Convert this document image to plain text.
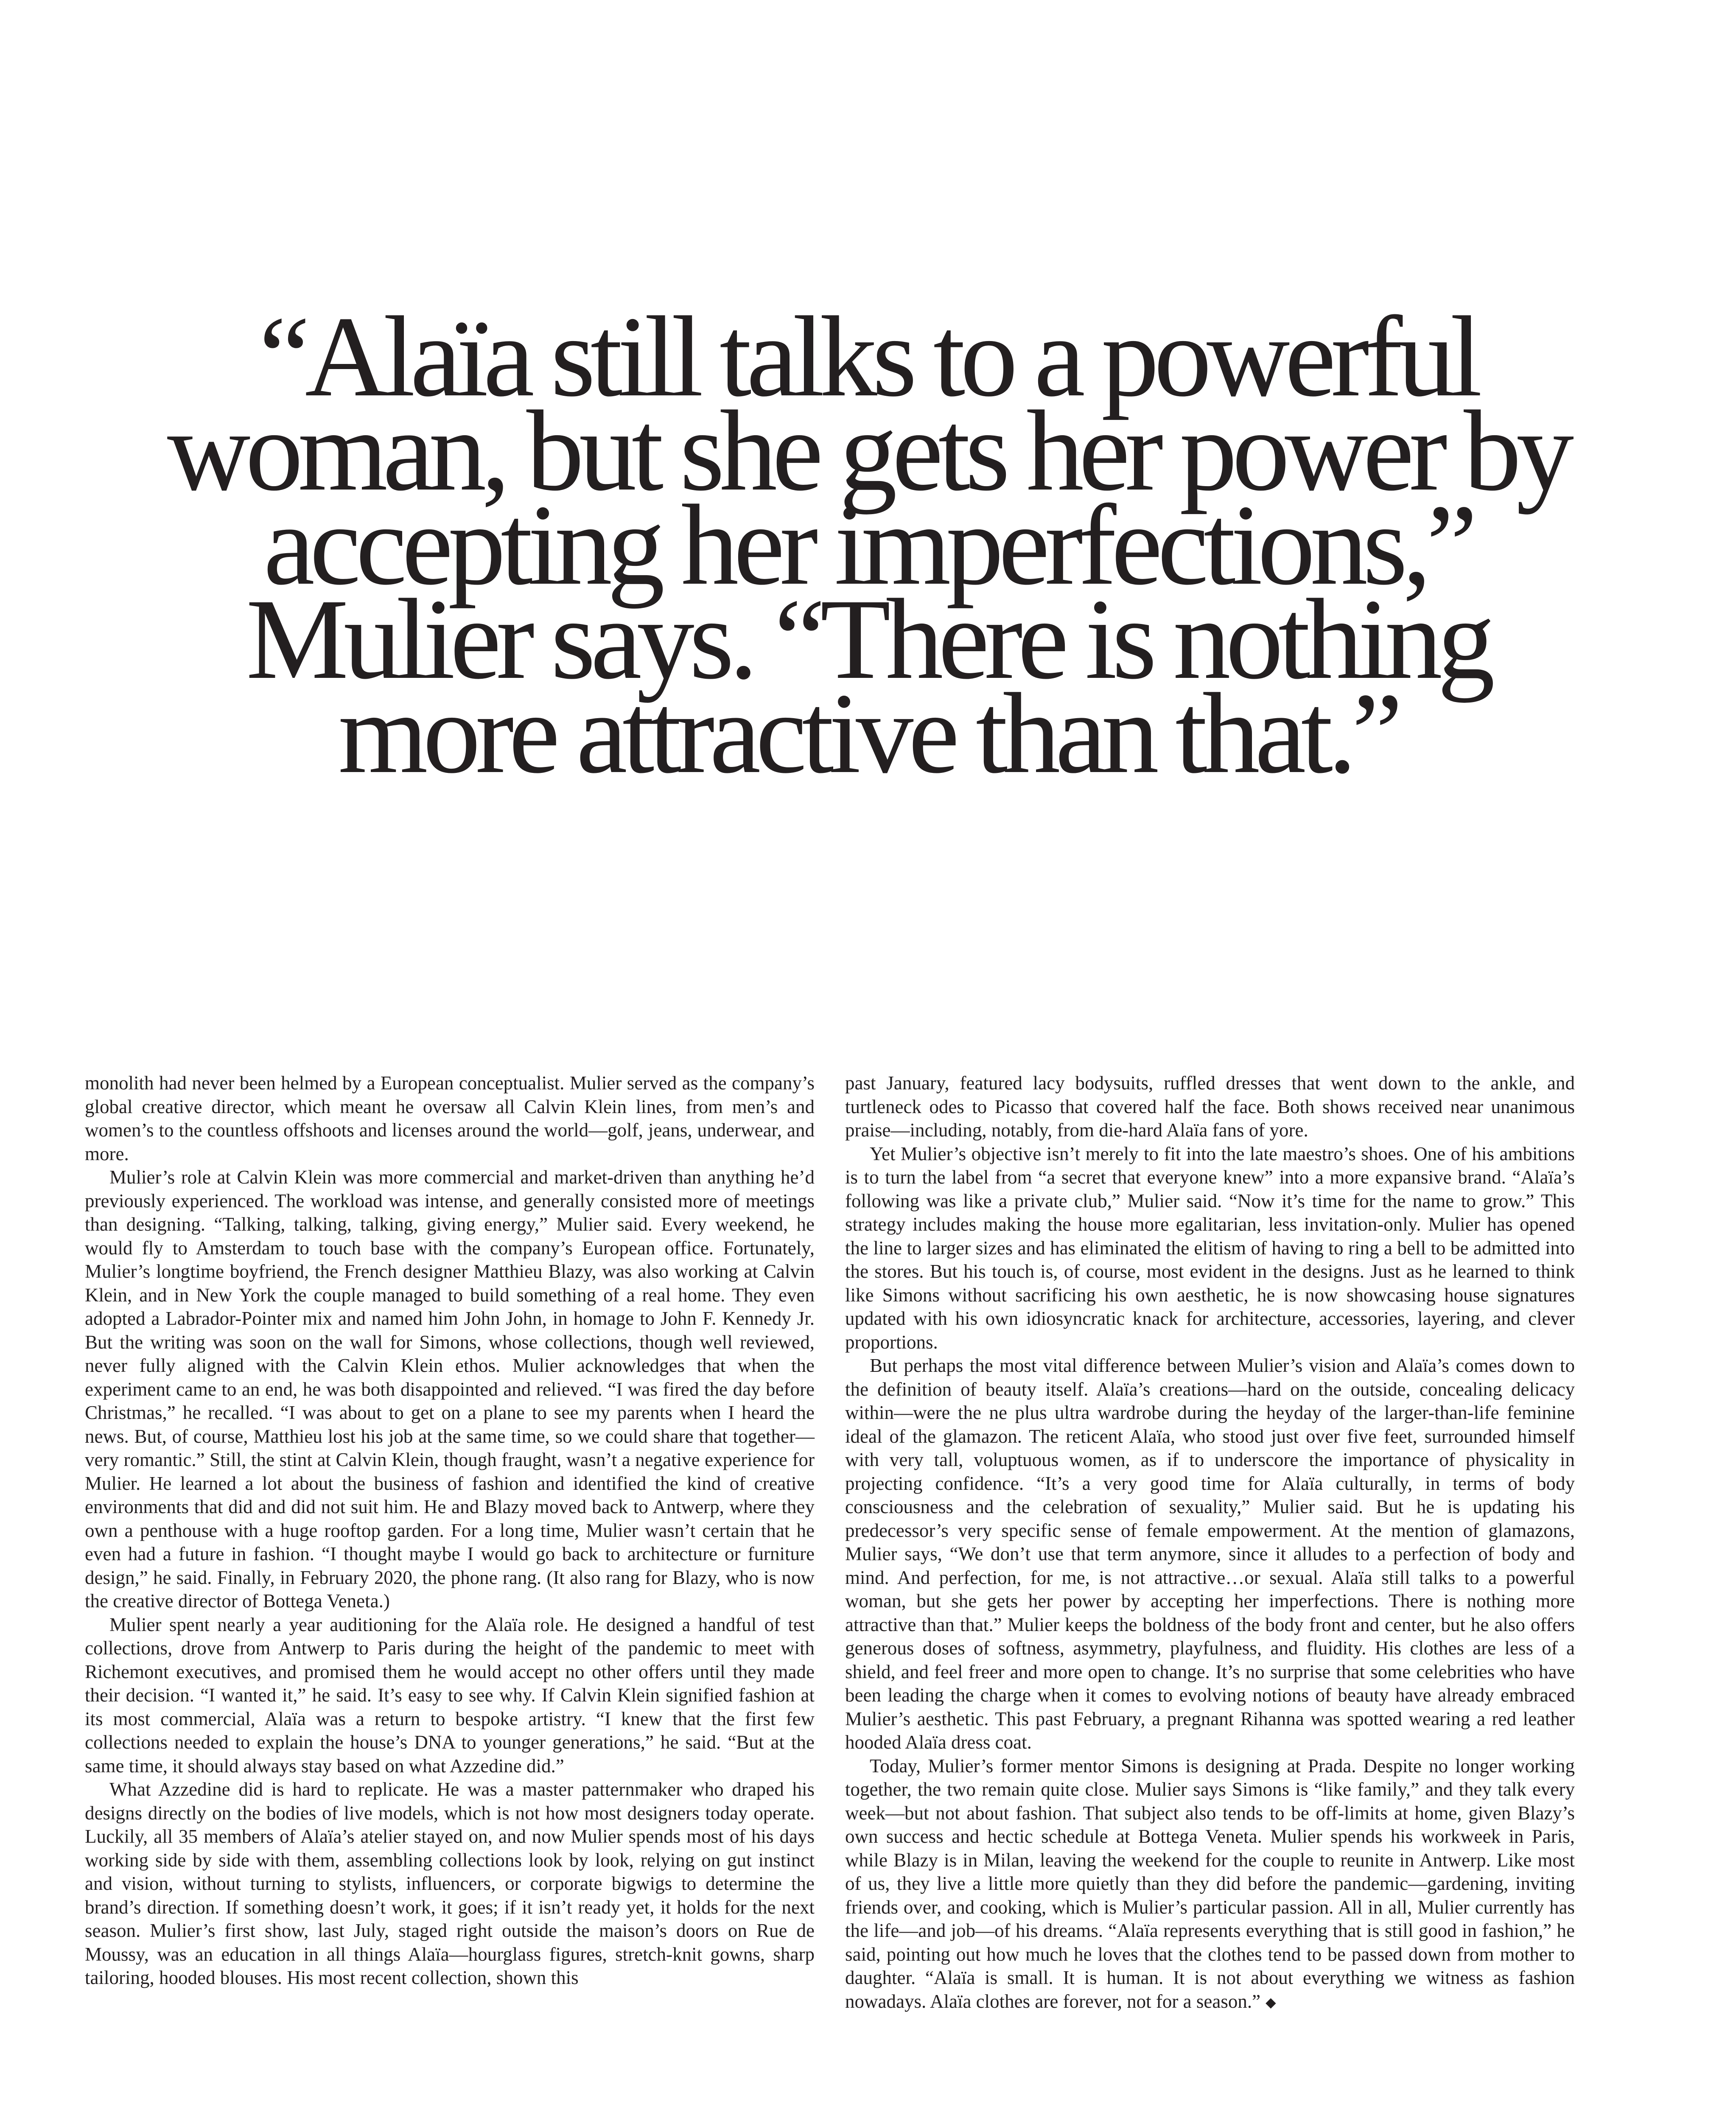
“Alaïa still talks to a powerful
woman, but she gets her power by
accepting her imperfections,”
Mulier says. “There is nothing
more attractive than that.”

monolith had never been helmed by a European conceptualist. Mulier served as the company’s global creative director, which meant he oversaw all Calvin Klein lines, from men’s and women’s to the countless offshoots and licenses around the world—golf, jeans, underwear, and more.

Mulier’s role at Calvin Klein was more commercial and market-driven than anything he’d previously experienced. The workload was intense, and generally consisted more of meetings than designing. “Talking, talking, talking, giving energy,” Mulier said. Every weekend, he would fly to Amsterdam to touch base with the company’s European office. Fortunately, Mulier’s longtime boyfriend, the French designer Matthieu Blazy, was also working at Calvin Klein, and in New York the couple managed to build something of a real home. They even adopted a Labrador-Pointer mix and named him John John, in homage to John F. Kennedy Jr. But the writing was soon on the wall for Simons, whose collections, though well reviewed, never fully aligned with the Calvin Klein ethos. Mulier acknowledges that when the experiment came to an end, he was both disappointed and relieved. “I was fired the day before Christmas,” he recalled. “I was about to get on a plane to see my parents when I heard the news. But, of course, Matthieu lost his job at the same time, so we could share that together—very romantic.” Still, the stint at Calvin Klein, though fraught, wasn’t a negative experience for Mulier. He learned a lot about the business of fashion and identified the kind of creative environments that did and did not suit him. He and Blazy moved back to Antwerp, where they own a penthouse with a huge rooftop garden. For a long time, Mulier wasn’t certain that he even had a future in fashion. “I thought maybe I would go back to architecture or furniture design,” he said. Finally, in February 2020, the phone rang. (It also rang for Blazy, who is now the creative director of Bottega Veneta.)

Mulier spent nearly a year auditioning for the Alaïa role. He designed a handful of test collections, drove from Antwerp to Paris during the height of the pandemic to meet with Richemont executives, and promised them he would accept no other offers until they made their decision. “I wanted it,” he said. It’s easy to see why. If Calvin Klein signified fashion at its most commercial, Alaïa was a return to bespoke artistry. “I knew that the first few collections needed to explain the house’s DNA to younger generations,” he said. “But at the same time, it should always stay based on what Azzedine did.”

What Azzedine did is hard to replicate. He was a master patternmaker who draped his designs directly on the bodies of live models, which is not how most designers today operate. Luckily, all 35 members of Alaïa’s atelier stayed on, and now Mulier spends most of his days working side by side with them, assembling collections look by look, relying on gut instinct and vision, without turning to stylists, influencers, or corporate bigwigs to determine the brand’s direction. If something doesn’t work, it goes; if it isn’t ready yet, it holds for the next season. Mulier’s first show, last July, staged right outside the maison’s doors on Rue de Moussy, was an education in all things Alaïa—hourglass figures, stretch-knit gowns, sharp tailoring, hooded blouses. His most recent collection, shown this

past January, featured lacy bodysuits, ruffled dresses that went down to the ankle, and turtleneck odes to Picasso that covered half the face. Both shows received near unanimous praise—including, notably, from die-hard Alaïa fans of yore.

Yet Mulier’s objective isn’t merely to fit into the late maestro’s shoes. One of his ambitions is to turn the label from “a secret that everyone knew” into a more expansive brand. “Alaïa’s following was like a private club,” Mulier said. “Now it’s time for the name to grow.” This strategy includes making the house more egalitarian, less invitation-only. Mulier has opened the line to larger sizes and has eliminated the elitism of having to ring a bell to be admitted into the stores. But his touch is, of course, most evident in the designs. Just as he learned to think like Simons without sacrificing his own aesthetic, he is now showcasing house signatures updated with his own idiosyncratic knack for architecture, accessories, layering, and clever proportions.

But perhaps the most vital difference between Mulier’s vision and Alaïa’s comes down to the definition of beauty itself. Alaïa’s creations—hard on the outside, concealing delicacy within—were the ne plus ultra wardrobe during the heyday of the larger-than-life feminine ideal of the glamazon. The reticent Alaïa, who stood just over five feet, surrounded himself with very tall, voluptuous women, as if to underscore the importance of physicality in projecting confidence. “It’s a very good time for Alaïa culturally, in terms of body consciousness and the celebration of sexuality,” Mulier said. But he is updating his predecessor’s very specific sense of female empowerment. At the mention of glamazons, Mulier says, “We don’t use that term anymore, since it alludes to a perfection of body and mind. And perfection, for me, is not attractive…or sexual. Alaïa still talks to a powerful woman, but she gets her power by accepting her imperfections. There is nothing more attractive than that.” Mulier keeps the boldness of the body front and center, but he also offers generous doses of softness, asymmetry, playfulness, and fluidity. His clothes are less of a shield, and feel freer and more open to change. It’s no surprise that some celebrities who have been leading the charge when it comes to evolving notions of beauty have already embraced Mulier’s aesthetic. This past February, a pregnant Rihanna was spotted wearing a red leather hooded Alaïa dress coat.

Today, Mulier’s former mentor Simons is designing at Prada. Despite no longer working together, the two remain quite close. Mulier says Simons is “like family,” and they talk every week—but not about fashion. That subject also tends to be off-limits at home, given Blazy’s own success and hectic schedule at Bottega Veneta. Mulier spends his workweek in Paris, while Blazy is in Milan, leaving the weekend for the couple to reunite in Antwerp. Like most of us, they live a little more quietly than they did before the pandemic—gardening, inviting friends over, and cooking, which is Mulier’s particular passion. All in all, Mulier currently has the life—and job—of his dreams. “Alaïa represents everything that is still good in fashion,” he said, pointing out how much he loves that the clothes tend to be passed down from mother to daughter. “Alaïa is small. It is human. It is not about everything we witness as fashion nowadays. Alaïa clothes are forever, not for a season.” ◆
